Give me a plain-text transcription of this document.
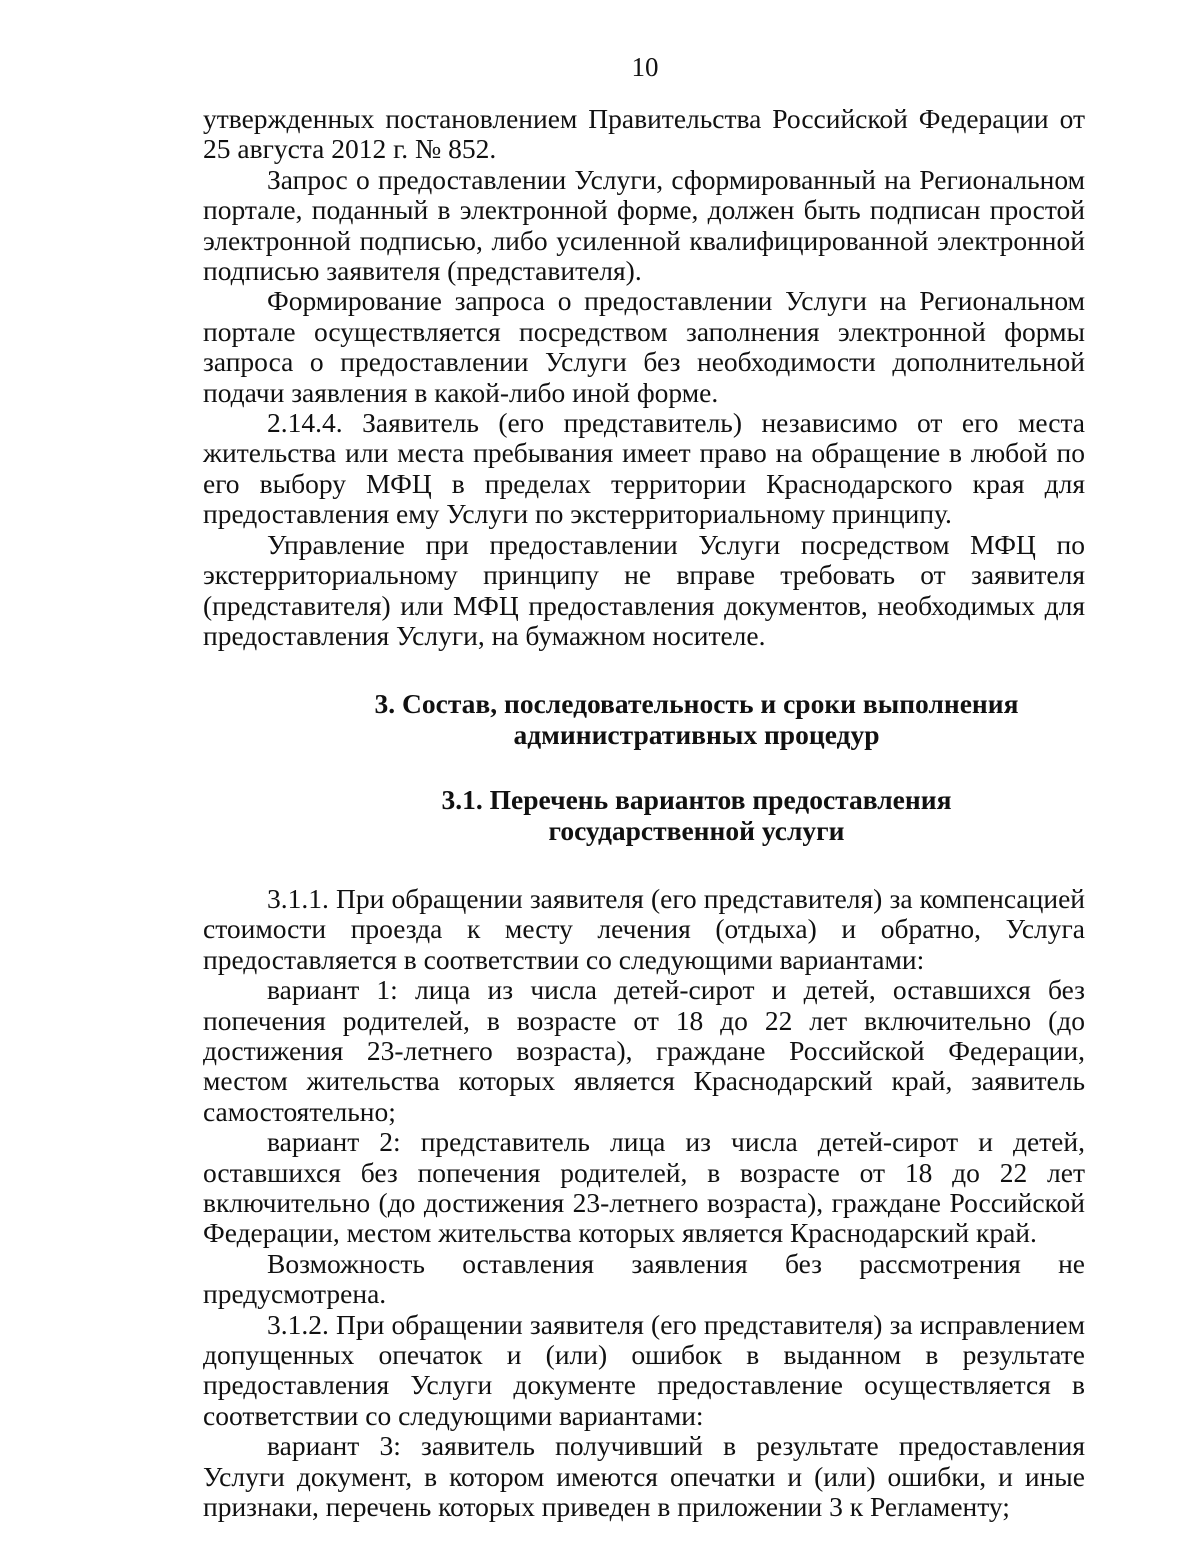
10

утвержденных постановлением Правительства Российской Федерации от 25 августа 2012 г. № 852.

Запрос о предоставлении Услуги, сформированный на Региональном портале, поданный в электронной форме, должен быть подписан простой электронной подписью, либо усиленной квалифицированной электронной подписью заявителя (представителя).

Формирование запроса о предоставлении Услуги на Региональном портале осуществляется посредством заполнения электронной формы запроса о предоставлении Услуги без необходимости дополнительной подачи заявления в какой-либо иной форме.

2.14.4. Заявитель (его представитель) независимо от его места жительства или места пребывания имеет право на обращение в любой по его выбору МФЦ в пределах территории Краснодарского края для предоставления ему Услуги по экстерриториальному принципу.

Управление при предоставлении Услуги посредством МФЦ по экстерриториальному принципу не вправе требовать от заявителя (представителя) или МФЦ предоставления документов, необходимых для предоставления Услуги, на бумажном носителе.

3. Состав, последовательность и сроки выполнения
административных процедур
3.1. Перечень вариантов предоставления
государственной услуги

3.1.1. При обращении заявителя (его представителя) за компенсацией стоимости проезда к месту лечения (отдыха) и обратно, Услуга предоставляется в соответствии со следующими вариантами:

вариант 1: лица из числа детей-сирот и детей, оставшихся без попечения родителей, в возрасте от 18 до 22 лет включительно (до достижения 23-летнего возраста), граждане Российской Федерации, местом жительства которых является Краснодарский край, заявитель самостоятельно;

вариант 2: представитель лица из числа детей-сирот и детей, оставшихся без попечения родителей, в возрасте от 18 до 22 лет включительно (до достижения 23-летнего возраста), граждане Российской Федерации, местом жительства которых является Краснодарский край.

Возможность оставления заявления без рассмотрения не предусмотрена.

3.1.2. При обращении заявителя (его представителя) за исправлением допущенных опечаток и (или) ошибок в выданном в результате предоставления Услуги документе предоставление осуществляется в соответствии со следующими вариантами:

вариант 3: заявитель получивший в результате предоставления Услуги документ, в котором имеются опечатки и (или) ошибки, и иные признаки, перечень которых приведен в приложении 3 к Регламенту;
